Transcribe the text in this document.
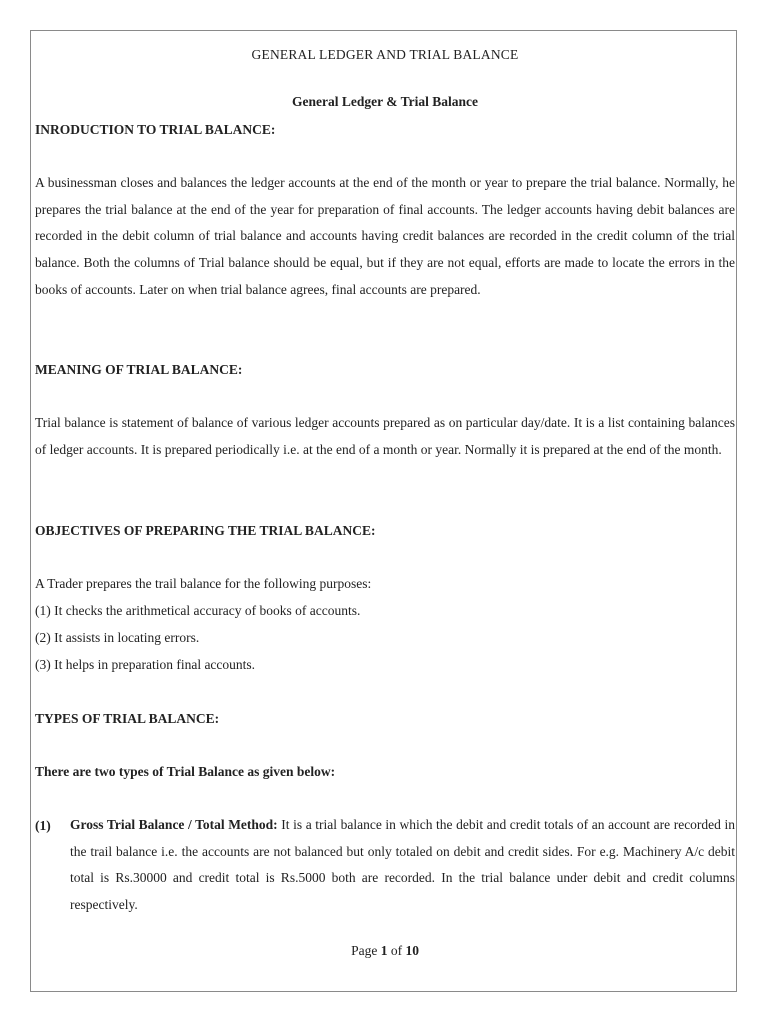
GENERAL LEDGER AND TRIAL BALANCE
General Ledger & Trial Balance
INRODUCTION TO TRIAL BALANCE:
A businessman closes and balances the ledger accounts at the end of the month or year to prepare the trial balance. Normally, he prepares the trial balance at the end of the year for preparation of final accounts. The ledger accounts having debit balances are recorded in the debit column of trial balance and accounts having credit balances are recorded in the credit column of the trial balance. Both the columns of Trial balance should be equal, but if they are not equal, efforts are made to locate the errors in the books of accounts. Later on when trial balance agrees, final accounts are prepared.
MEANING OF TRIAL BALANCE:
Trial balance is statement of balance of various ledger accounts prepared as on particular day/date. It is a list containing balances of ledger accounts. It is prepared periodically i.e. at the end of a month or year. Normally it is prepared at the end of the month.
OBJECTIVES OF PREPARING THE TRIAL BALANCE:
A Trader prepares the trail balance for the following purposes:
(1) It checks the arithmetical accuracy of books of accounts.
(2) It assists in locating errors.
(3) It helps in preparation final accounts.
TYPES OF TRIAL BALANCE:
There are two types of Trial Balance as given below:
(1) Gross Trial Balance / Total Method: It is a trial balance in which the debit and credit totals of an account are recorded in the trail balance i.e. the accounts are not balanced but only totaled on debit and credit sides. For e.g. Machinery A/c debit total is Rs.30000 and credit total is Rs.5000 both are recorded. In the trial balance under debit and credit columns respectively.
Page 1 of 10
